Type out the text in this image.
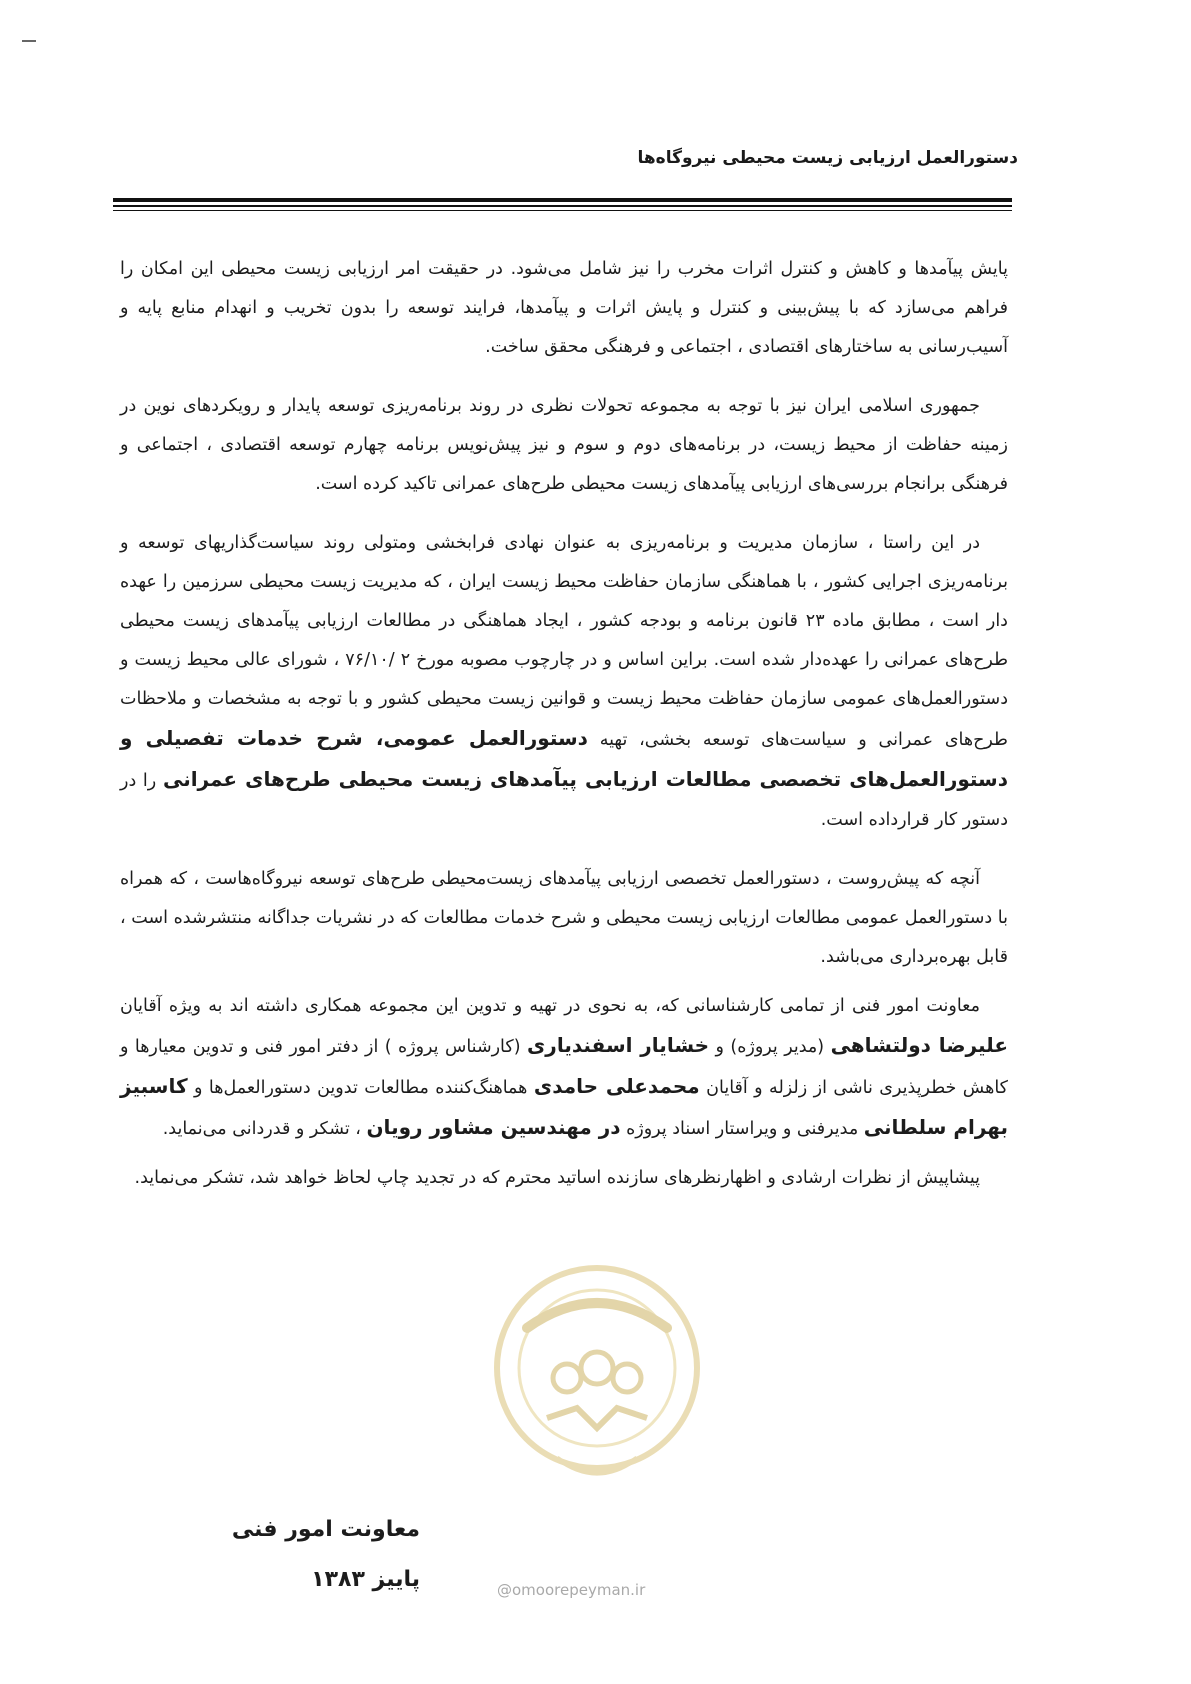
دستورالعمل ارزیابی زیست محیطی نیروگاه‌ها

پایش پیآمدها و کاهش و کنترل اثرات مخرب را نیز شامل می‌شود. در حقیقت امر ارزیابی زیست محیطی این امکان را فراهم می‌سازد که با پیش‌بینی و کنترل و پایش اثرات و پیآمدها، فرایند توسعه را بدون تخریب و انهدام منابع پایه و آسیب‌رسانی به ساختارهای اقتصادی ، اجتماعی و فرهنگی محقق ساخت.

جمهوری اسلامی ایران نیز با توجه به مجموعه تحولات نظری در روند برنامه‌ریزی توسعه پایدار و رویکردهای نوین در زمینه حفاظت از محیط زیست، در برنامه‌های دوم و سوم و نیز پیش‌نویس برنامه چهارم توسعه اقتصادی ، اجتماعی و فرهنگی برانجام بررسی‌های ارزیابی پیآمدهای زیست محیطی طرح‌های عمرانی تاکید کرده است.

در این راستا ، سازمان مدیریت و برنامه‌ریزی به عنوان نهادی فرابخشی ومتولی روند سیاست‌گذاریهای توسعه و برنامه‌ریزی اجرایی کشور ، با هماهنگی سازمان حفاظت محیط زیست ایران ، که مدیریت زیست محیطی سرزمین را عهده دار است ، مطابق ماده ۲۳ قانون برنامه و بودجه کشور ، ایجاد هماهنگی در مطالعات ارزیابی پیآمدهای زیست محیطی طرح‌های عمرانی را عهده‌دار شده است. براین اساس و در چارچوب مصوبه مورخ ۲ /۷۶/۱۰ ، شورای عالی محیط زیست و دستورالعمل‌های عمومی سازمان حفاظت محیط زیست و قوانین زیست محیطی کشور و با توجه به مشخصات و ملاحظات طرح‌های عمرانی و سیاست‌های توسعه بخشی، تهیه دستورالعمل عمومی، شرح خدمات تفصیلی و دستورالعمل‌های تخصصی مطالعات ارزیابی پیآمدهای زیست محیطی طرح‌های عمرانی را در دستور کار قرارداده است.

آنچه که پیش‌روست ، دستورالعمل تخصصی ارزیابی پیآمدهای زیست‌محیطی طرح‌های توسعه نیروگاه‌هاست ، که همراه با دستورالعمل عمومی مطالعات ارزیابی زیست محیطی و شرح خدمات مطالعات که در نشریات جداگانه منتشرشده است ، قابل بهره‌برداری می‌باشد.

معاونت امور فنی از تمامی کارشناسانی که، به نحوی در تهیه و تدوین این مجموعه همکاری داشته اند به ویژه آقایان علیرضا دولتشاهی (مدیر پروژه) و خشایار اسفندیاری (کارشناس پروژه ) از دفتر امور فنی و تدوین معیارها و کاهش خطرپذیری ناشی از زلزله و آقایان محمدعلی حامدی هماهنگ‌کننده مطالعات تدوین دستورالعمل‌ها و کاسبیز بهرام سلطانی مدیرفنی و ویراستار اسناد پروژه در مهندسین مشاور رویان ، تشکر و قدردانی می‌نماید.

پیشاپیش از نظرات ارشادی و اظهارنظرهای سازنده اساتید محترم که در تجدید چاپ لحاظ خواهد شد، تشکر می‌نماید.

معاونت امور فنی
پاییز ۱۳۸۳	@omoorepeyman.ir
